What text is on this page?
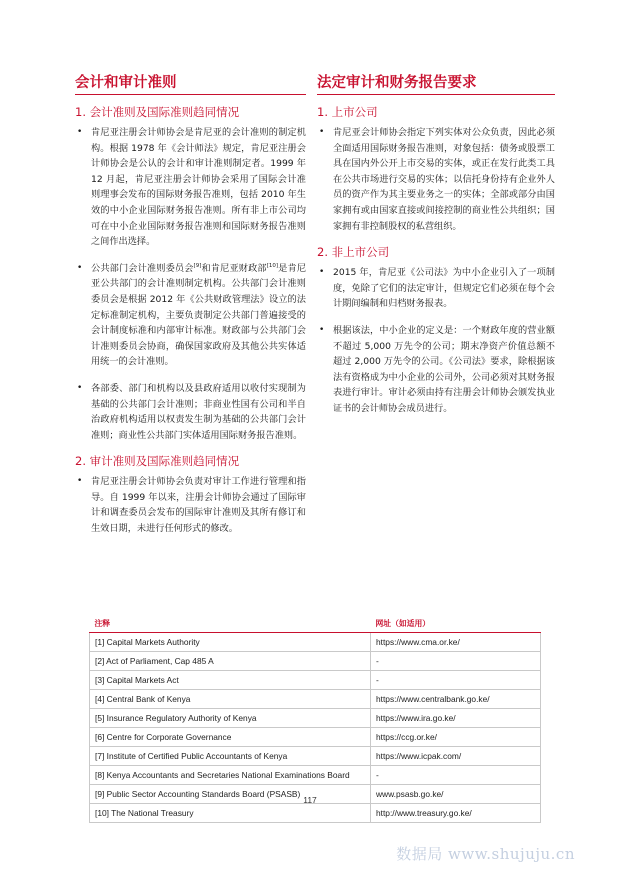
会计和审计准则
1. 会计准则及国际准则趋同情况
• 肯尼亚注册会计师协会是肯尼亚的会计准则的制定机构。根据 1978 年《会计师法》规定，肯尼亚注册会计师协会是公认的会计和审计准则制定者。1999 年 12 月起，肯尼亚注册会计师协会采用了国际会计准则理事会发布的国际财务报告准则，包括 2010 年生效的中小企业国际财务报告准则。所有非上市公司均可在中小企业国际财务报告准则和国际财务报告准则之间作出选择。
• 公共部门会计准则委员会[9]和肯尼亚财政部[10]是肯尼亚公共部门的会计准则制定机构。公共部门会计准则委员会是根据 2012 年《公共财政管理法》设立的法定标准制定机构，主要负责制定公共部门普遍接受的会计制度标准和内部审计标准。财政部与公共部门会计准则委员会协商，确保国家政府及其他公共实体适用统一的会计准则。
• 各部委、部门和机构以及县政府适用以收付实现制为基础的公共部门会计准则；非商业性国有公司和半自治政府机构适用以权责发生制为基础的公共部门会计准则；商业性公共部门实体适用国际财务报告准则。
2. 审计准则及国际准则趋同情况
• 肯尼亚注册会计师协会负责对审计工作进行管理和指导。自 1999 年以来，注册会计师协会通过了国际审计和调查委员会发布的国际审计准则及其所有修订和生效日期，未进行任何形式的修改。
法定审计和财务报告要求
1. 上市公司
• 肯尼亚会计师协会指定下列实体对公众负责，因此必须全面适用国际财务报告准则，对象包括：债务或股票工具在国内外公开上市交易的实体，或正在发行此类工具在公共市场进行交易的实体；以信托身份持有企业外人员的资产作为其主要业务之一的实体；全部或部分由国家拥有或由国家直接或间接控制的商业性公共组织；国家拥有非控制股权的私营组织。
2. 非上市公司
• 2015 年，肯尼亚《公司法》为中小企业引入了一项制度，免除了它们的法定审计，但规定它们必须在每个会计期间编制和归档财务报表。
• 根据该法，中小企业的定义是：一个财政年度的营业额不超过 5,000 万先令的公司；期末净资产价值总额不超过 2,000 万先令的公司。《公司法》要求，除根据该法有资格成为中小企业的公司外，公司必须对其财务报表进行审计。审计必须由持有注册会计师协会颁发执业证书的会计师协会成员进行。
注释	网址（如适用）
[1] Capital Markets Authority	https://www.cma.or.ke/
[2] Act of Parliament, Cap 485 A	-
[3] Capital Markets Act	-
[4] Central Bank of Kenya	https://www.centralbank.go.ke/
[5] Insurance Regulatory Authority of Kenya	https://www.ira.go.ke/
[6] Centre for Corporate Governance	https://ccg.or.ke/
[7] Institute of Certified Public Accountants of Kenya	https://www.icpak.com/
[8] Kenya Accountants and Secretaries National Examinations Board	-
[9] Public Sector Accounting Standards Board (PSASB)	www.psasb.go.ke/
[10] The National Treasury	http://www.treasury.go.ke/
117
数据局 www.shujuju.cn
